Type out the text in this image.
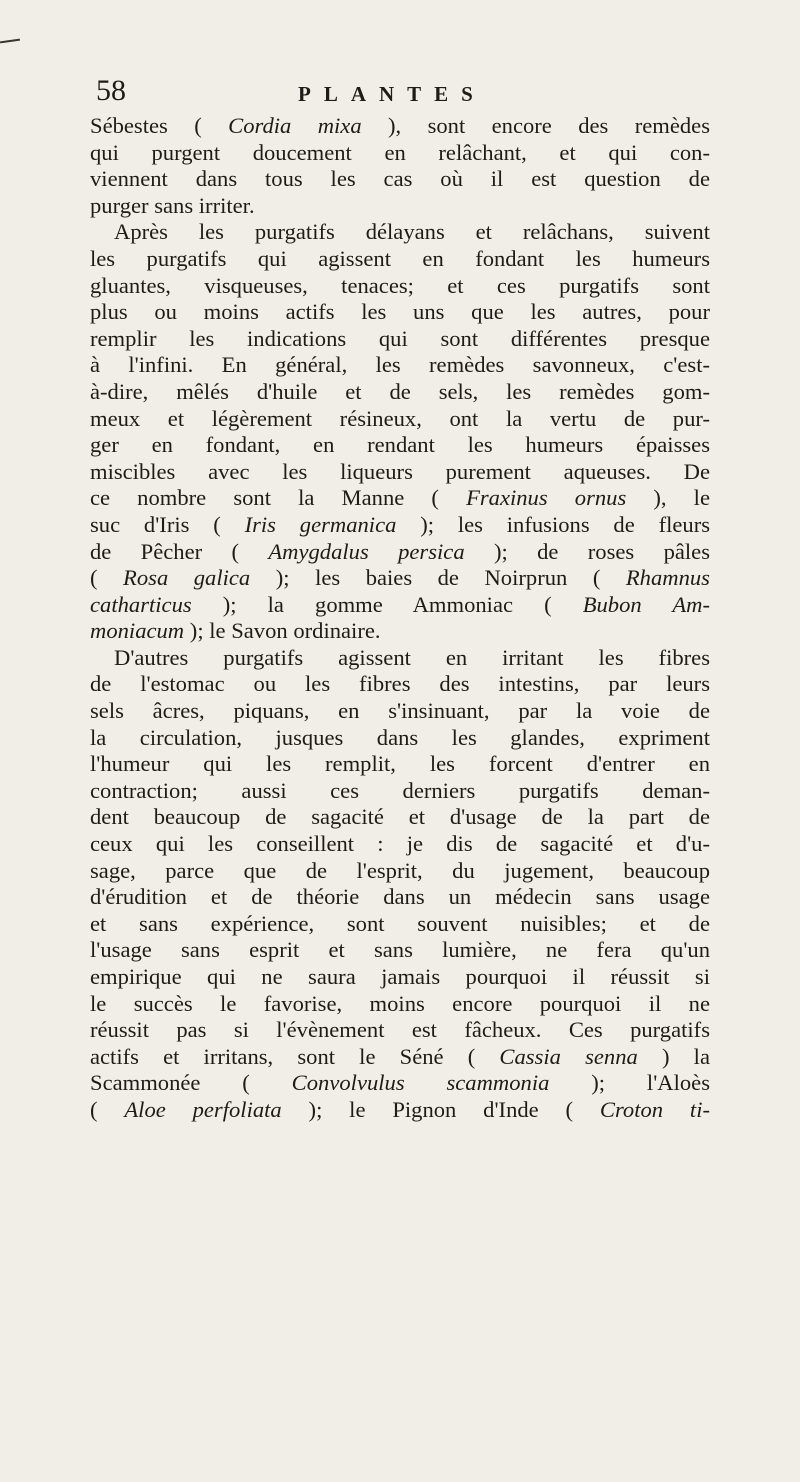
58	PLANTES
Sébestes ( Cordia mixa ), sont encore des remèdes
qui purgent doucement en relâchant, et qui con-
viennent dans tous les cas où il est question de
purger sans irriter.
Après les purgatifs délayans et relâchans, suivent
les purgatifs qui agissent en fondant les humeurs
gluantes, visqueuses, tenaces; et ces purgatifs sont
plus ou moins actifs les uns que les autres, pour
remplir les indications qui sont différentes presque
à l'infini. En général, les remèdes savonneux, c'est-
à-dire, mêlés d'huile et de sels, les remèdes gom-
meux et légèrement résineux, ont la vertu de pur-
ger en fondant, en rendant les humeurs épaisses
miscibles avec les liqueurs purement aqueuses. De
ce nombre sont la Manne ( Fraxinus ornus ), le
suc d'Iris ( Iris germanica ); les infusions de fleurs
de Pêcher ( Amygdalus persica ); de roses pâles
( Rosa galica ); les baies de Noirprun ( Rhamnus
catharticus ); la gomme Ammoniac ( Bubon Am-
moniacum ); le Savon ordinaire.
D'autres purgatifs agissent en irritant les fibres
de l'estomac ou les fibres des intestins, par leurs
sels âcres, piquans, en s'insinuant, par la voie de
la circulation, jusques dans les glandes, expriment
l'humeur qui les remplit, les forcent d'entrer en
contraction; aussi ces derniers purgatifs deman-
dent beaucoup de sagacité et d'usage de la part de
ceux qui les conseillent : je dis de sagacité et d'u-
sage, parce que de l'esprit, du jugement, beaucoup
d'érudition et de théorie dans un médecin sans usage
et sans expérience, sont souvent nuisibles; et de
l'usage sans esprit et sans lumière, ne fera qu'un
empirique qui ne saura jamais pourquoi il réussit si
le succès le favorise, moins encore pourquoi il ne
réussit pas si l'évènement est fâcheux. Ces purgatifs
actifs et irritans, sont le Séné ( Cassia senna ) la
Scammonée ( Convolvulus scammonia ); l'Aloès
( Aloe perfoliata ); le Pignon d'Inde ( Croton ti-
